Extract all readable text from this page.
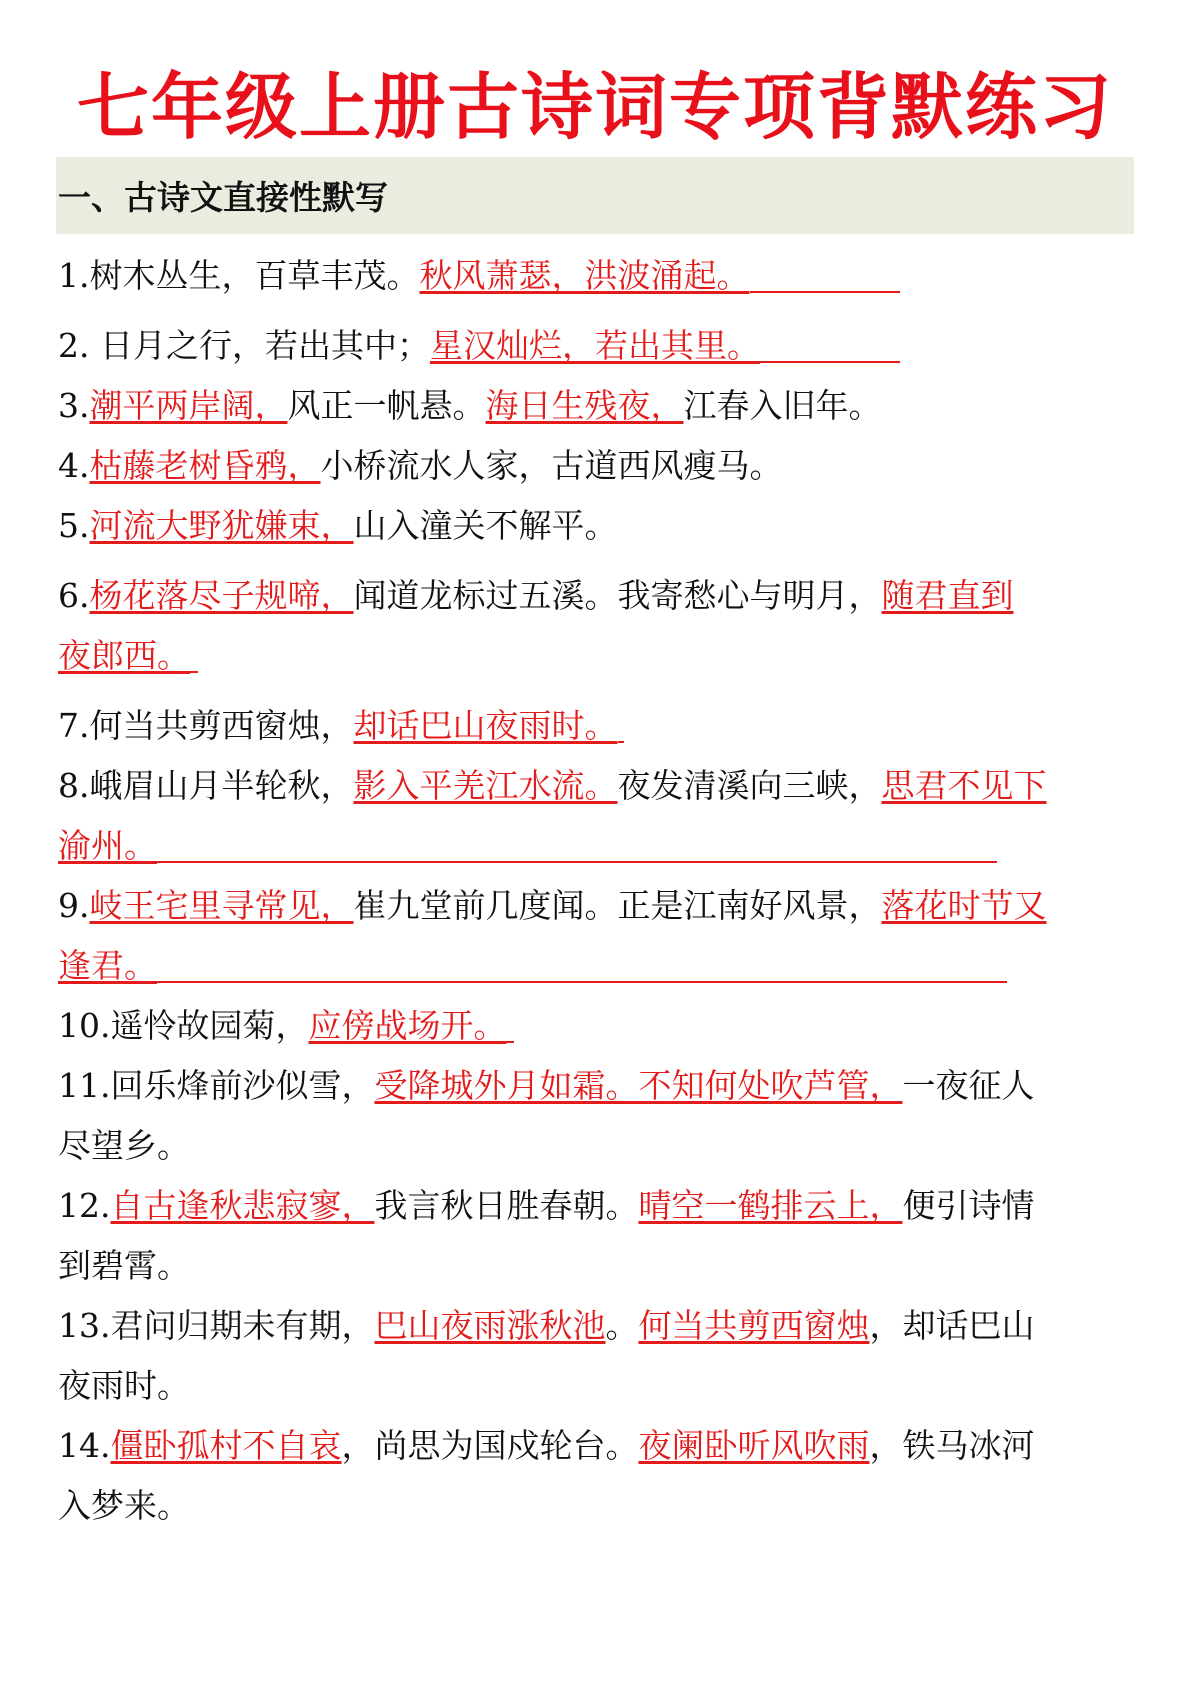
七年级上册古诗词专项背默练习
一、古诗文直接性默写
1.树木丛生，百草丰茂。秋风萧瑟，洪波涌起。
2. 日月之行，若出其中；星汉灿烂，若出其里。
3.潮平两岸阔，风正一帆悬。海日生残夜，江春入旧年。
4.枯藤老树昏鸦，小桥流水人家，古道西风瘦马。
5.河流大野犹嫌束，山入潼关不解平。
6.杨花落尽子规啼，闻道龙标过五溪。我寄愁心与明月，随君直到
夜郎西。
7.何当共剪西窗烛，却话巴山夜雨时。
8.峨眉山月半轮秋，影入平羌江水流。夜发清溪向三峡，思君不见下
渝州。
9.岐王宅里寻常见，崔九堂前几度闻。正是江南好风景，落花时节又
逢君。
10.遥怜故园菊，应傍战场开。
11.回乐烽前沙似雪，受降城外月如霜。不知何处吹芦管，一夜征人
尽望乡。
12.自古逢秋悲寂寥，我言秋日胜春朝。晴空一鹤排云上，便引诗情
到碧霄。
13.君问归期未有期，巴山夜雨涨秋池。何当共剪西窗烛，却话巴山
夜雨时。
14.僵卧孤村不自哀，尚思为国戍轮台。夜阑卧听风吹雨，铁马冰河
入梦来。
